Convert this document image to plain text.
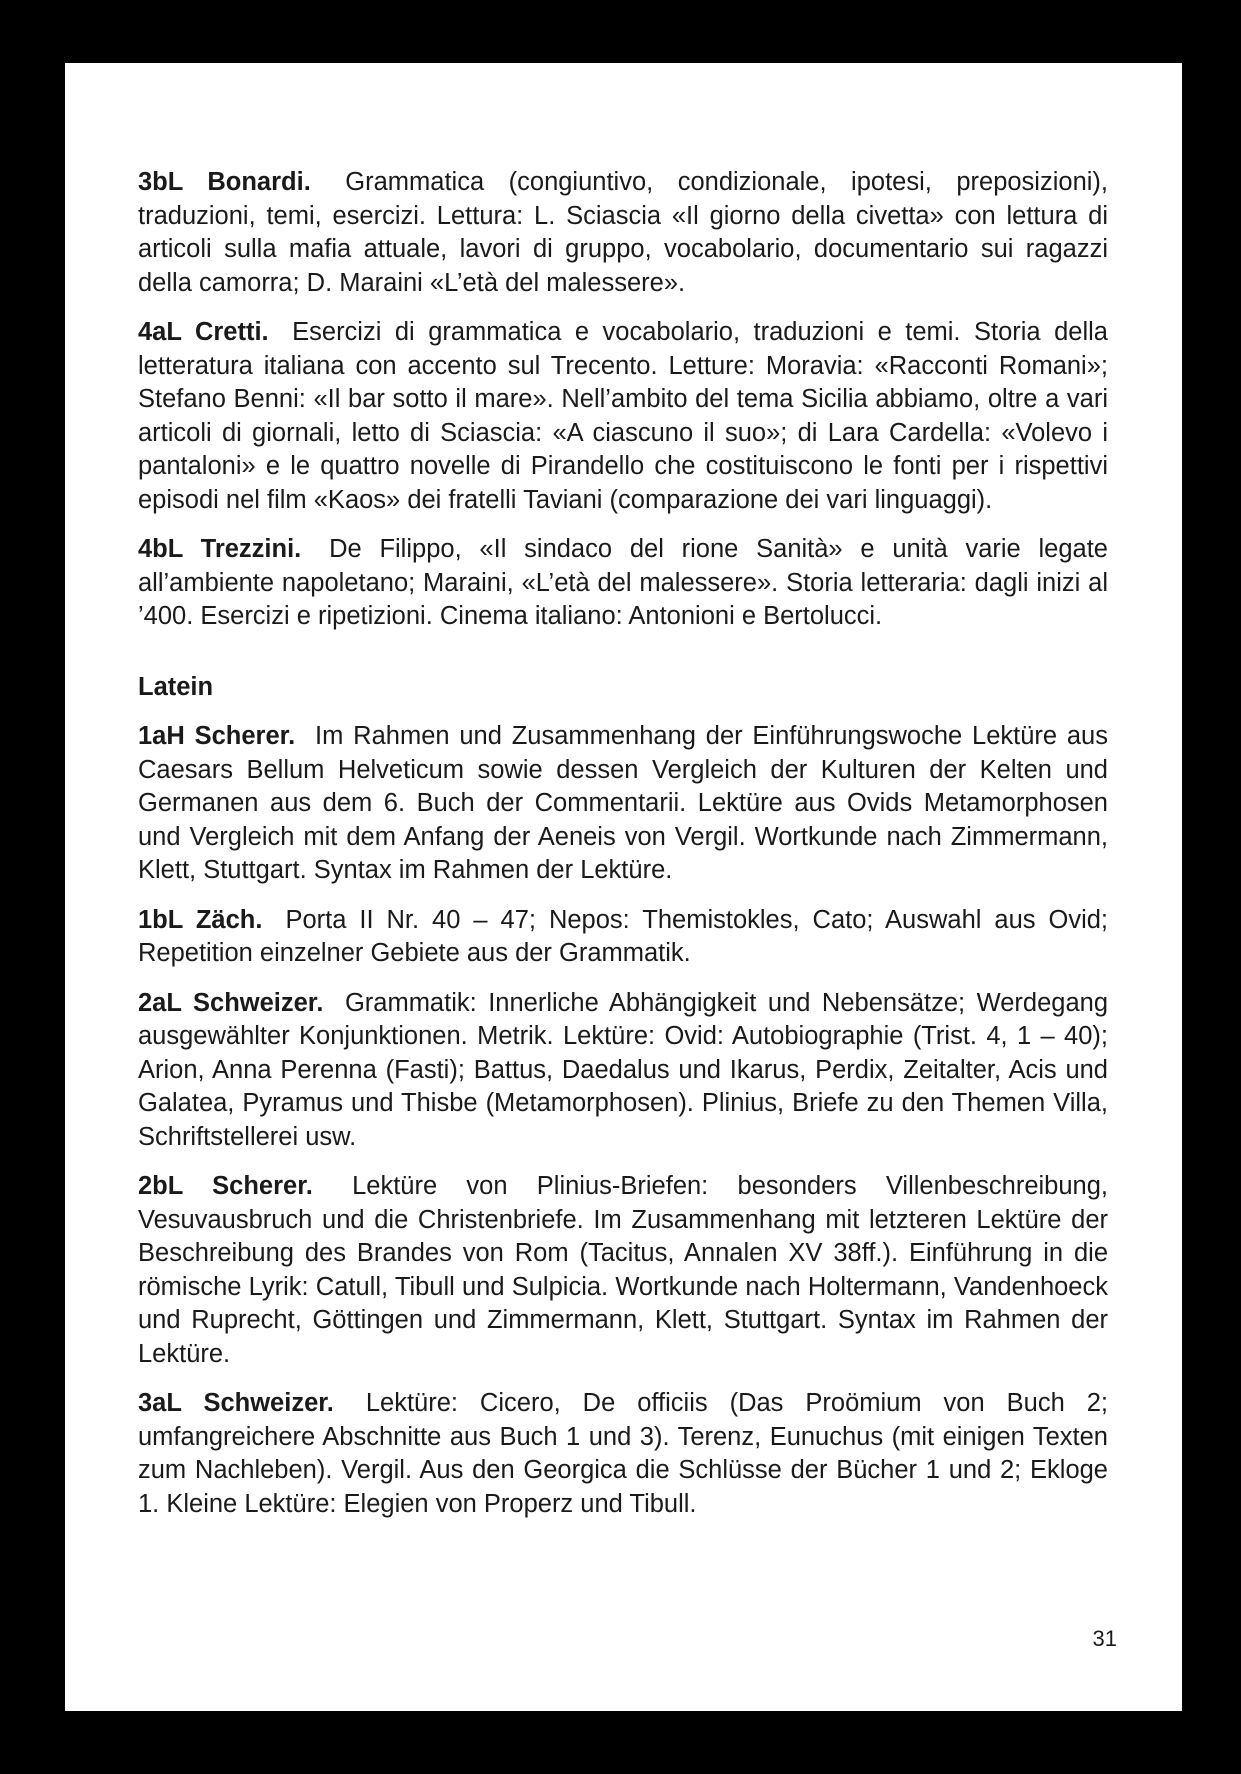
3bL Bonardi. Grammatica (congiuntivo, condizionale, ipotesi, preposizioni), traduzioni, temi, esercizi. Lettura: L. Sciascia «Il giorno della civetta» con lettura di articoli sulla mafia attuale, lavori di gruppo, vocabolario, documentario sui ragazzi della camorra; D. Maraini «L’età del malessere».

4aL Cretti. Esercizi di grammatica e vocabolario, traduzioni e temi. Storia della letteratura italiana con accento sul Trecento. Letture: Moravia: «Racconti Romani»; Stefano Benni: «Il bar sotto il mare». Nell’ambito del tema Sicilia abbiamo, oltre a vari articoli di giornali, letto di Sciascia: «A ciascuno il suo»; di Lara Cardella: «Volevo i pantaloni» e le quattro novelle di Pirandello che costituiscono le fonti per i rispettivi episodi nel film «Kaos» dei fratelli Taviani (comparazione dei vari linguaggi).

4bL Trezzini. De Filippo, «Il sindaco del rione Sanità» e unità varie legate all’ambiente napoletano; Maraini, «L’età del malessere». Storia letteraria: dagli inizi al ’400. Esercizi e ripetizioni. Cinema italiano: Antonioni e Bertolucci.

Latein

1aH Scherer. Im Rahmen und Zusammenhang der Einführungswoche Lektüre aus Caesars Bellum Helveticum sowie dessen Vergleich der Kulturen der Kelten und Germanen aus dem 6. Buch der Commentarii. Lektüre aus Ovids Metamorphosen und Vergleich mit dem Anfang der Aeneis von Vergil. Wortkunde nach Zimmermann, Klett, Stuttgart. Syntax im Rahmen der Lektüre.

1bL Zäch. Porta II Nr. 40 – 47; Nepos: Themistokles, Cato; Auswahl aus Ovid; Repetition einzelner Gebiete aus der Grammatik.

2aL Schweizer. Grammatik: Innerliche Abhängigkeit und Nebensätze; Werdegang ausgewählter Konjunktionen. Metrik. Lektüre: Ovid: Autobiographie (Trist. 4, 1 – 40); Arion, Anna Perenna (Fasti); Battus, Daedalus und Ikarus, Perdix, Zeitalter, Acis und Galatea, Pyramus und Thisbe (Metamorphosen). Plinius, Briefe zu den Themen Villa, Schriftstellerei usw.

2bL Scherer. Lektüre von Plinius-Briefen: besonders Villenbeschreibung, Vesuvausbruch und die Christenbriefe. Im Zusammenhang mit letzteren Lektüre der Beschreibung des Brandes von Rom (Tacitus, Annalen XV 38ff.). Einführung in die römische Lyrik: Catull, Tibull und Sulpicia. Wortkunde nach Holtermann, Vandenhoeck und Ruprecht, Göttingen und Zimmermann, Klett, Stuttgart. Syntax im Rahmen der Lektüre.

3aL Schweizer. Lektüre: Cicero, De officiis (Das Proömium von Buch 2; umfangreichere Abschnitte aus Buch 1 und 3). Terenz, Eunuchus (mit einigen Texten zum Nachleben). Vergil. Aus den Georgica die Schlüsse der Bücher 1 und 2; Ekloge 1. Kleine Lektüre: Elegien von Properz und Tibull.

31
